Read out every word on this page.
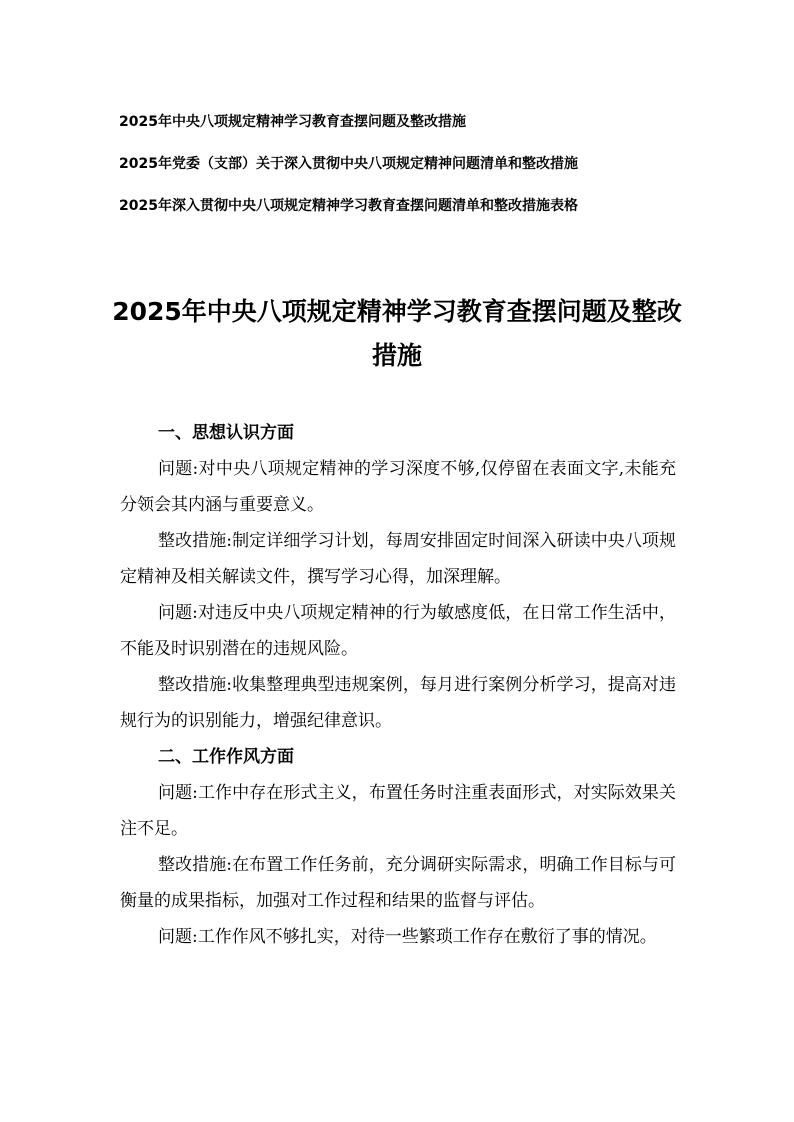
2025年中央八项规定精神学习教育查摆问题及整改措施
2025年党委（支部）关于深入贯彻中央八项规定精神问题清单和整改措施
2025年深入贯彻中央八项规定精神学习教育查摆问题清单和整改措施表格
2025年中央八项规定精神学习教育查摆问题及整改
措施
一、思想认识方面

问题:对中央八项规定精神的学习深度不够,仅停留在表面文字,未能充分领会其内涵与重要意义。

整改措施:制定详细学习计划，每周安排固定时间深入研读中央八项规定精神及相关解读文件，撰写学习心得，加深理解。

问题:对违反中央八项规定精神的行为敏感度低，在日常工作生活中，不能及时识别潜在的违规风险。

整改措施:收集整理典型违规案例，每月进行案例分析学习，提高对违规行为的识别能力，增强纪律意识。

二、工作作风方面

问题:工作中存在形式主义，布置任务时注重表面形式，对实际效果关注不足。

整改措施:在布置工作任务前，充分调研实际需求，明确工作目标与可衡量的成果指标，加强对工作过程和结果的监督与评估。

问题:工作作风不够扎实，对待一些繁琐工作存在敷衍了事的情况。
